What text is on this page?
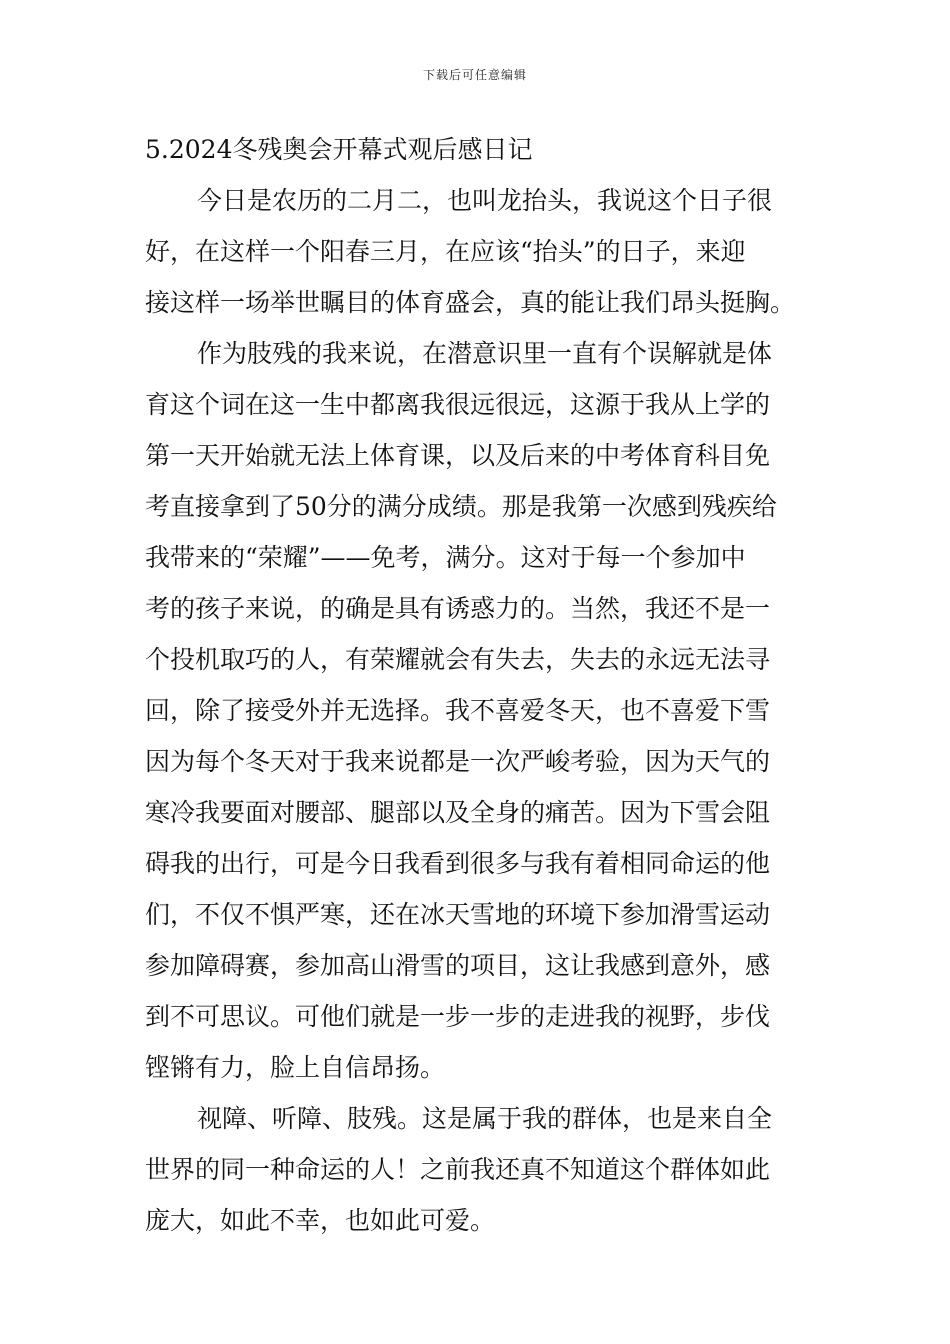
下载后可任意编辑
5.2024冬残奥会开幕式观后感日记
今日是农历的二月二，也叫龙抬头，我说这个日子很
好，在这样一个阳春三月，在应该“抬头”的日子，来迎
接这样一场举世瞩目的体育盛会，真的能让我们昂头挺胸。
作为肢残的我来说，在潜意识里一直有个误解就是体
育这个词在这一生中都离我很远很远，这源于我从上学的
第一天开始就无法上体育课，以及后来的中考体育科目免
考直接拿到了50分的满分成绩。那是我第一次感到残疾给
我带来的“荣耀”——免考，满分。这对于每一个参加中
考的孩子来说，的确是具有诱惑力的。当然，我还不是一
个投机取巧的人，有荣耀就会有失去，失去的永远无法寻
回，除了接受外并无选择。我不喜爱冬天，也不喜爱下雪
因为每个冬天对于我来说都是一次严峻考验，因为天气的
寒冷我要面对腰部、腿部以及全身的痛苦。因为下雪会阻
碍我的出行，可是今日我看到很多与我有着相同命运的他
们，不仅不惧严寒，还在冰天雪地的环境下参加滑雪运动
参加障碍赛，参加高山滑雪的项目，这让我感到意外，感
到不可思议。可他们就是一步一步的走进我的视野，步伐
铿锵有力，脸上自信昂扬。
视障、听障、肢残。这是属于我的群体，也是来自全
世界的同一种命运的人！之前我还真不知道这个群体如此
庞大，如此不幸，也如此可爱。
